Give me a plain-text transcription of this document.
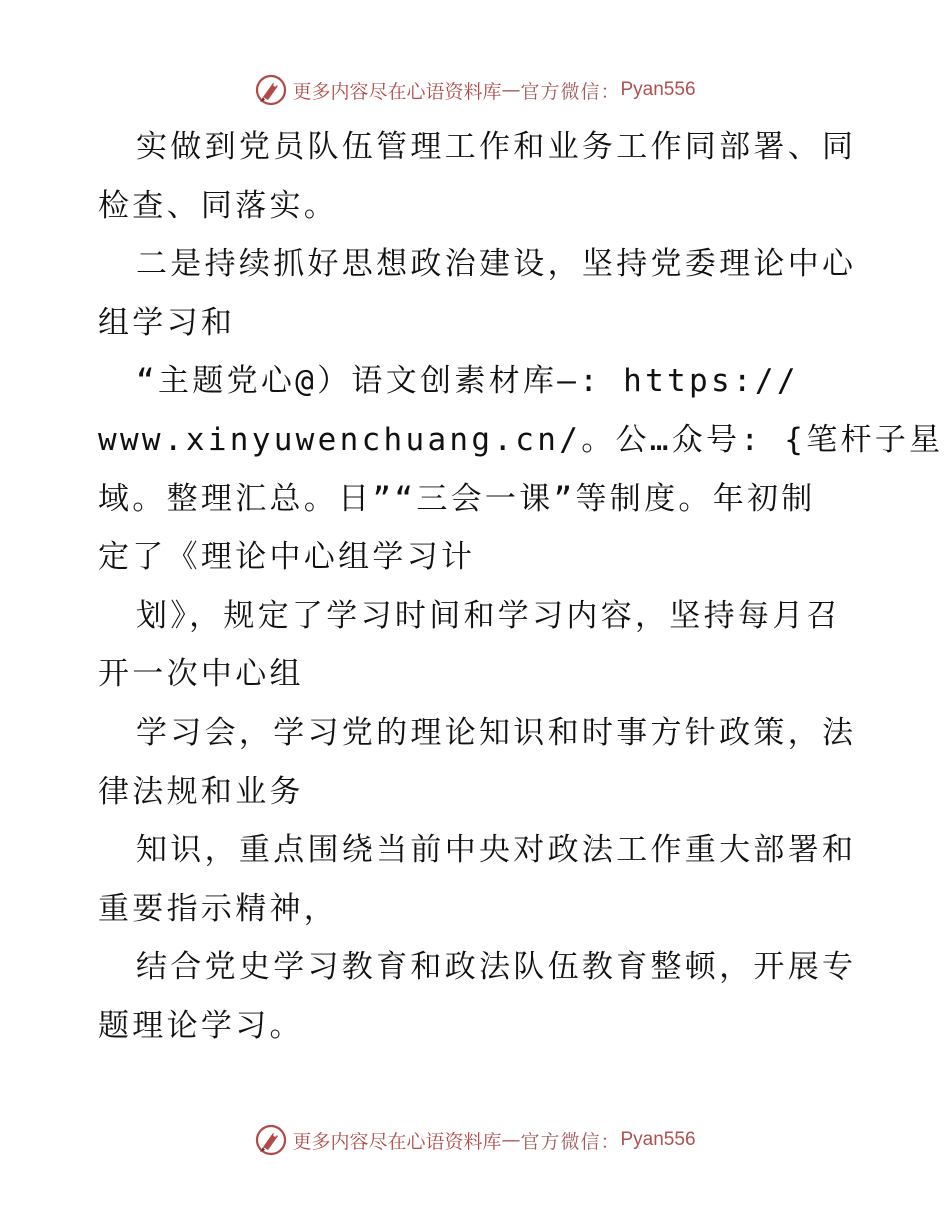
更多内容尽在心语资料库 — 官方微信： Pyan556
实做到党员队伍管理工作和业务工作同部署、同
检查、同落实。
二是持续抓好思想政治建设，坚持党委理论中心
组学习和
“主题党心@）语文创素材库—: https://
www.xinyuwenchuang.cn/。公…众号: {笔杆子星
域。整理汇总。日”“三会一课”等制度。年初制
定了《理论中心组学习计
划》，规定了学习时间和学习内容，坚持每月召
开一次中心组
学习会，学习党的理论知识和时事方针政策，法
律法规和业务
知识，重点围绕当前中央对政法工作重大部署和
重要指示精神，
结合党史学习教育和政法队伍教育整顿，开展专
题理论学习。
更多内容尽在心语资料库 — 官方微信： Pyan556
